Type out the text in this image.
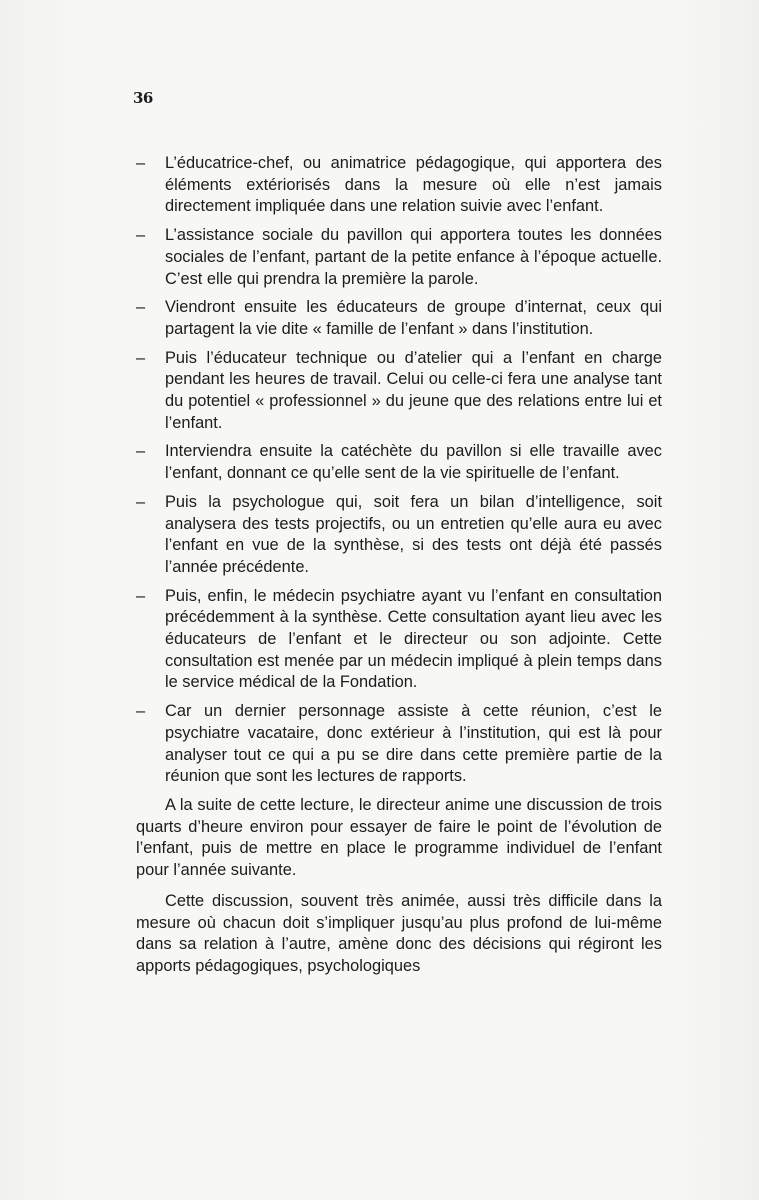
36
–	L’éducatrice-chef, ou animatrice pédagogique, qui apportera des éléments extériorisés dans la mesure où elle n’est jamais directement impliquée dans une relation suivie avec l’enfant.
–	L’assistance sociale du pavillon qui apportera toutes les données sociales de l’enfant, partant de la petite enfance à l’époque actuelle. C’est elle qui prendra la première la parole.
–	Viendront ensuite les éducateurs de groupe d’internat, ceux qui partagent la vie dite « famille de l’enfant » dans l’institution.
–	Puis l’éducateur technique ou d’atelier qui a l’enfant en charge pendant les heures de travail. Celui ou celle-ci fera une analyse tant du potentiel « professionnel » du jeune que des relations entre lui et l’enfant.
–	Interviendra ensuite la catéchète du pavillon si elle travaille avec l’enfant, donnant ce qu’elle sent de la vie spirituelle de l’enfant.
–	Puis la psychologue qui, soit fera un bilan d’intelligence, soit analysera des tests projectifs, ou un entretien qu’elle aura eu avec l’enfant en vue de la synthèse, si des tests ont déjà été passés l’année précédente.
–	Puis, enfin, le médecin psychiatre ayant vu l’enfant en consultation précédemment à la synthèse. Cette consultation ayant lieu avec les éducateurs de l’enfant et le directeur ou son adjointe. Cette consultation est menée par un médecin impliqué à plein temps dans le service médical de la Fondation.
–	Car un dernier personnage assiste à cette réunion, c’est le psychiatre vacataire, donc extérieur à l’institution, qui est là pour analyser tout ce qui a pu se dire dans cette première partie de la réunion que sont les lectures de rapports.

A la suite de cette lecture, le directeur anime une discussion de trois quarts d’heure environ pour essayer de faire le point de l’évolution de l’enfant, puis de mettre en place le programme individuel de l’enfant pour l’année suivante.

Cette discussion, souvent très animée, aussi très difficile dans la mesure où chacun doit s’impliquer jusqu’au plus profond de lui-même dans sa relation à l’autre, amène donc des décisions qui régiront les apports pédagogiques, psychologiques
